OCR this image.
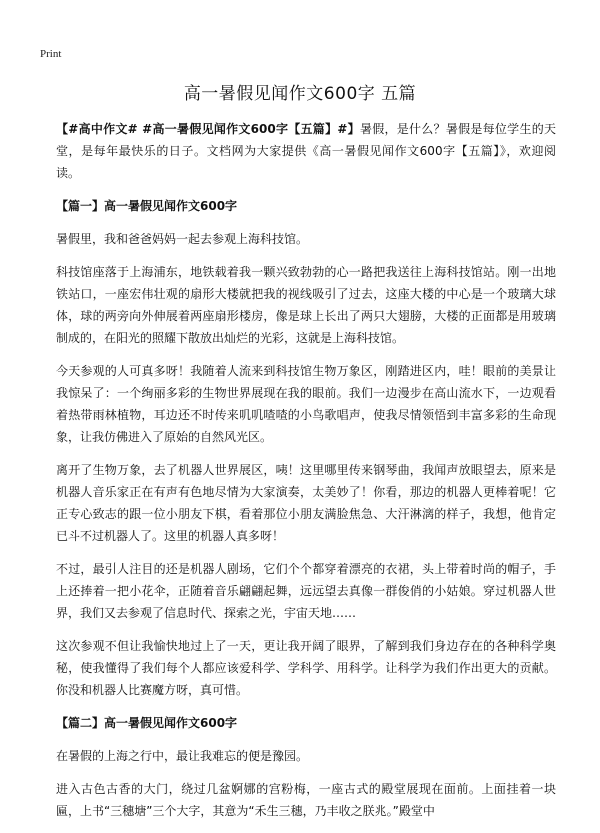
Print
高一暑假见闻作文600字 五篇

【#高中作文# #高一暑假见闻作文600字【五篇】#】暑假，是什么？暑假是每位学生的天堂，是每年最快乐的日子。文档网为大家提供《高一暑假见闻作文600字【五篇】》，欢迎阅读。

【篇一】高一暑假见闻作文600字

暑假里，我和爸爸妈妈一起去参观上海科技馆。

科技馆座落于上海浦东，地铁载着我一颗兴致勃勃的心一路把我送往上海科技馆站。刚一出地铁站口，一座宏伟壮观的扇形大楼就把我的视线吸引了过去，这座大楼的中心是一个玻璃大球体，球的两旁向外伸展着两座扇形楼房，像是球上长出了两只大翅膀，大楼的正面都是用玻璃制成的，在阳光的照耀下散放出灿烂的光彩，这就是上海科技馆。

今天参观的人可真多呀！我随着人流来到科技馆生物万象区，刚踏进区内，哇！眼前的美景让我惊呆了：一个绚丽多彩的生物世界展现在我的眼前。我们一边漫步在高山流水下，一边观看着热带雨林植物，耳边还不时传来叽叽喳喳的小鸟歌唱声，使我尽情领悟到丰富多彩的生命现象，让我仿佛进入了原始的自然风光区。

离开了生物万象，去了机器人世界展区，咦！这里哪里传来钢琴曲，我闻声放眼望去，原来是机器人音乐家正在有声有色地尽情为大家演奏，太美妙了！你看，那边的机器人更棒着呢！它正专心致志的跟一位小朋友下棋，看着那位小朋友满脸焦急、大汗淋漓的样子，我想，他肯定已斗不过机器人了。这里的机器人真多呀！

不过，最引人注目的还是机器人剧场，它们个个都穿着漂亮的衣裙，头上带着时尚的帽子，手上还捧着一把小花伞，正随着音乐翩翩起舞，远远望去真像一群俊俏的小姑娘。穿过机器人世界，我们又去参观了信息时代、探索之光，宇宙天地……

这次参观不但让我愉快地过上了一天，更让我开阔了眼界，了解到我们身边存在的各种科学奥秘，使我懂得了我们每个人都应该爱科学、学科学、用科学。让科学为我们作出更大的贡献。你没和机器人比赛魔方呀，真可惜。

【篇二】高一暑假见闻作文600字

在暑假的上海之行中，最让我难忘的便是豫园。

进入古色古香的大门，绕过几盆婀娜的宫粉梅，一座古式的殿堂展现在面前。上面挂着一块匾，上书“三穗塘”三个大字，其意为“禾生三穗，乃丰收之朕兆。”殿堂中
